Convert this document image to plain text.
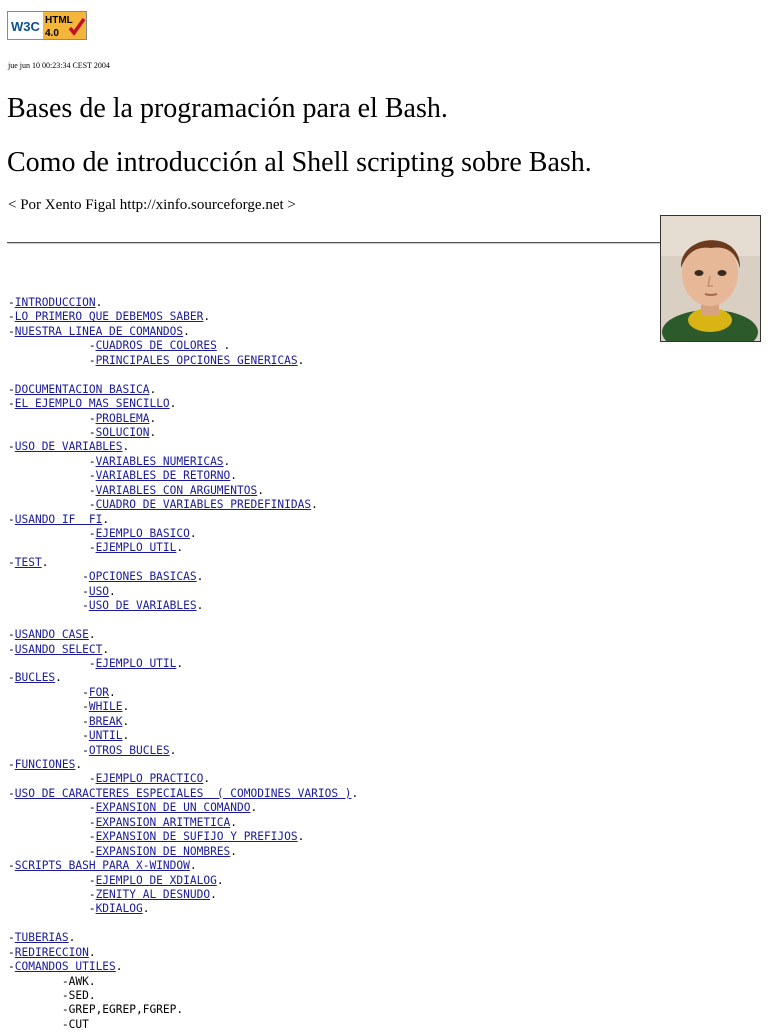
W3C HTML
4.0
jue jun 10 00:23:34 CEST 2004
Bases de la programación para el Bash.
Como de introducción al Shell scripting sobre Bash.
< Por Xento Figal http://xinfo.sourceforge.net >
-INTRODUCCION.
-LO PRIMERO QUE DEBEMOS SABER.
-NUESTRA LINEA DE COMANDOS.
-CUADROS DE COLORES .
-PRINCIPALES OPCIONES GENERICAS.
-DOCUMENTACION BASICA.
-EL EJEMPLO MAS SENCILLO.
-PROBLEMA.
-SOLUCION.
-USO DE VARIABLES.
-VARIABLES NUMERICAS.
-VARIABLES DE RETORNO.
-VARIABLES CON ARGUMENTOS.
-CUADRO DE VARIABLES PREDEFINIDAS.
-USANDO IF  FI.
-EJEMPLO BASICO.
-EJEMPLO UTIL.
-TEST.
-OPCIONES BASICAS.
-USO.
-USO DE VARIABLES.
-USANDO CASE.
-USANDO SELECT.
-EJEMPLO UTIL.
-BUCLES.
-FOR.
-WHILE.
-BREAK.
-UNTIL.
-OTROS BUCLES.
-FUNCIONES.
-EJEMPLO PRACTICO.
-USO DE CARACTERES ESPECIALES  ( COMODINES VARIOS ).
-EXPANSION DE UN COMANDO.
-EXPANSION ARITMETICA.
-EXPANSION DE SUFIJO Y PREFIJOS.
-EXPANSION DE NOMBRES.
-SCRIPTS BASH PARA X-WINDOW.
-EJEMPLO DE XDIALOG.
-ZENITY AL DESNUDO.
-KDIALOG.
-TUBERIAS.
-REDIRECCION.
-COMANDOS UTILES.
-AWK.
-SED.
-GREP,EGREP,FGREP.
-CUT
